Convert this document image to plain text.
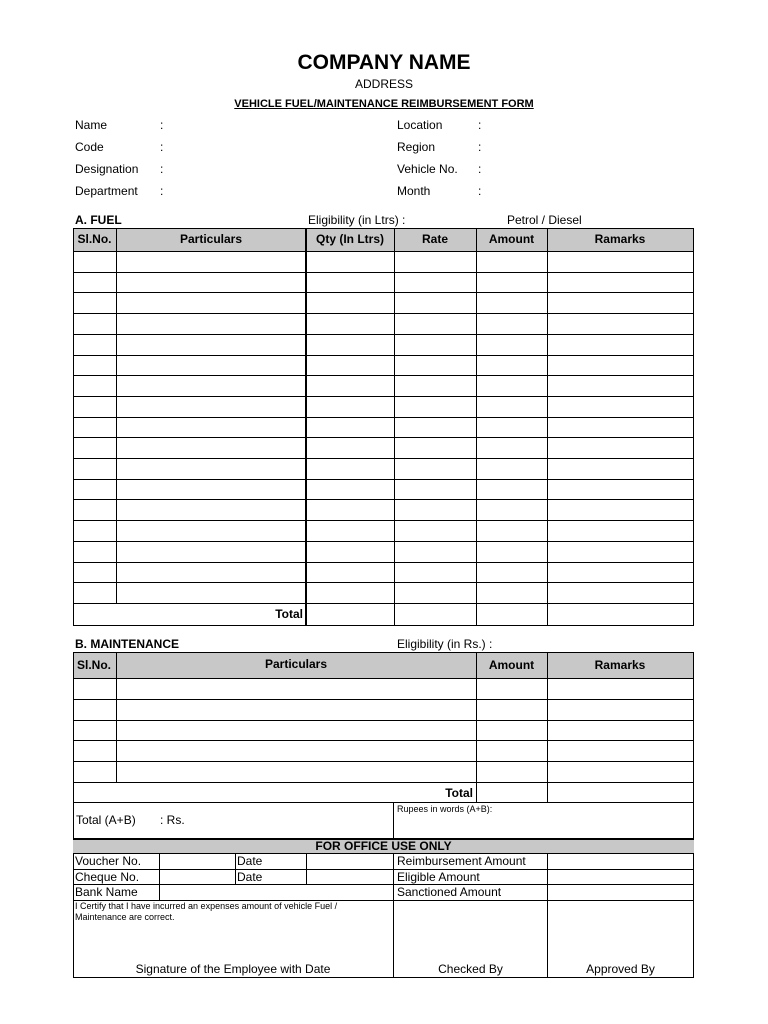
COMPANY NAME
ADDRESS
VEHICLE FUEL/MAINTENANCE REIMBURSEMENT FORM
Name	:
Code	:
Designation :
Department :
Location	:
Region	:
Vehicle No. :
Month	:
A. FUEL	Eligibility (in Ltrs) :	Petrol / Diesel
Sl.No.	Particulars	Qty (In Ltrs)	Rate	Amount	Ramarks
Total
B. MAINTENANCE	Eligibility (in Rs.) :
Sl.No.	Particulars	Amount	Ramarks
Total
Total (A+B) : Rs.
Rupees in words (A+B):
FOR OFFICE USE ONLY
Voucher No.	Date	Reimbursement Amount
Cheque No.	Date	Eligible Amount
Bank Name	Sanctioned Amount
I Certify that I have incurred an expenses amount of vehicle Fuel / Maintenance are correct.
Signature of the Employee with Date	Checked By	Approved By
